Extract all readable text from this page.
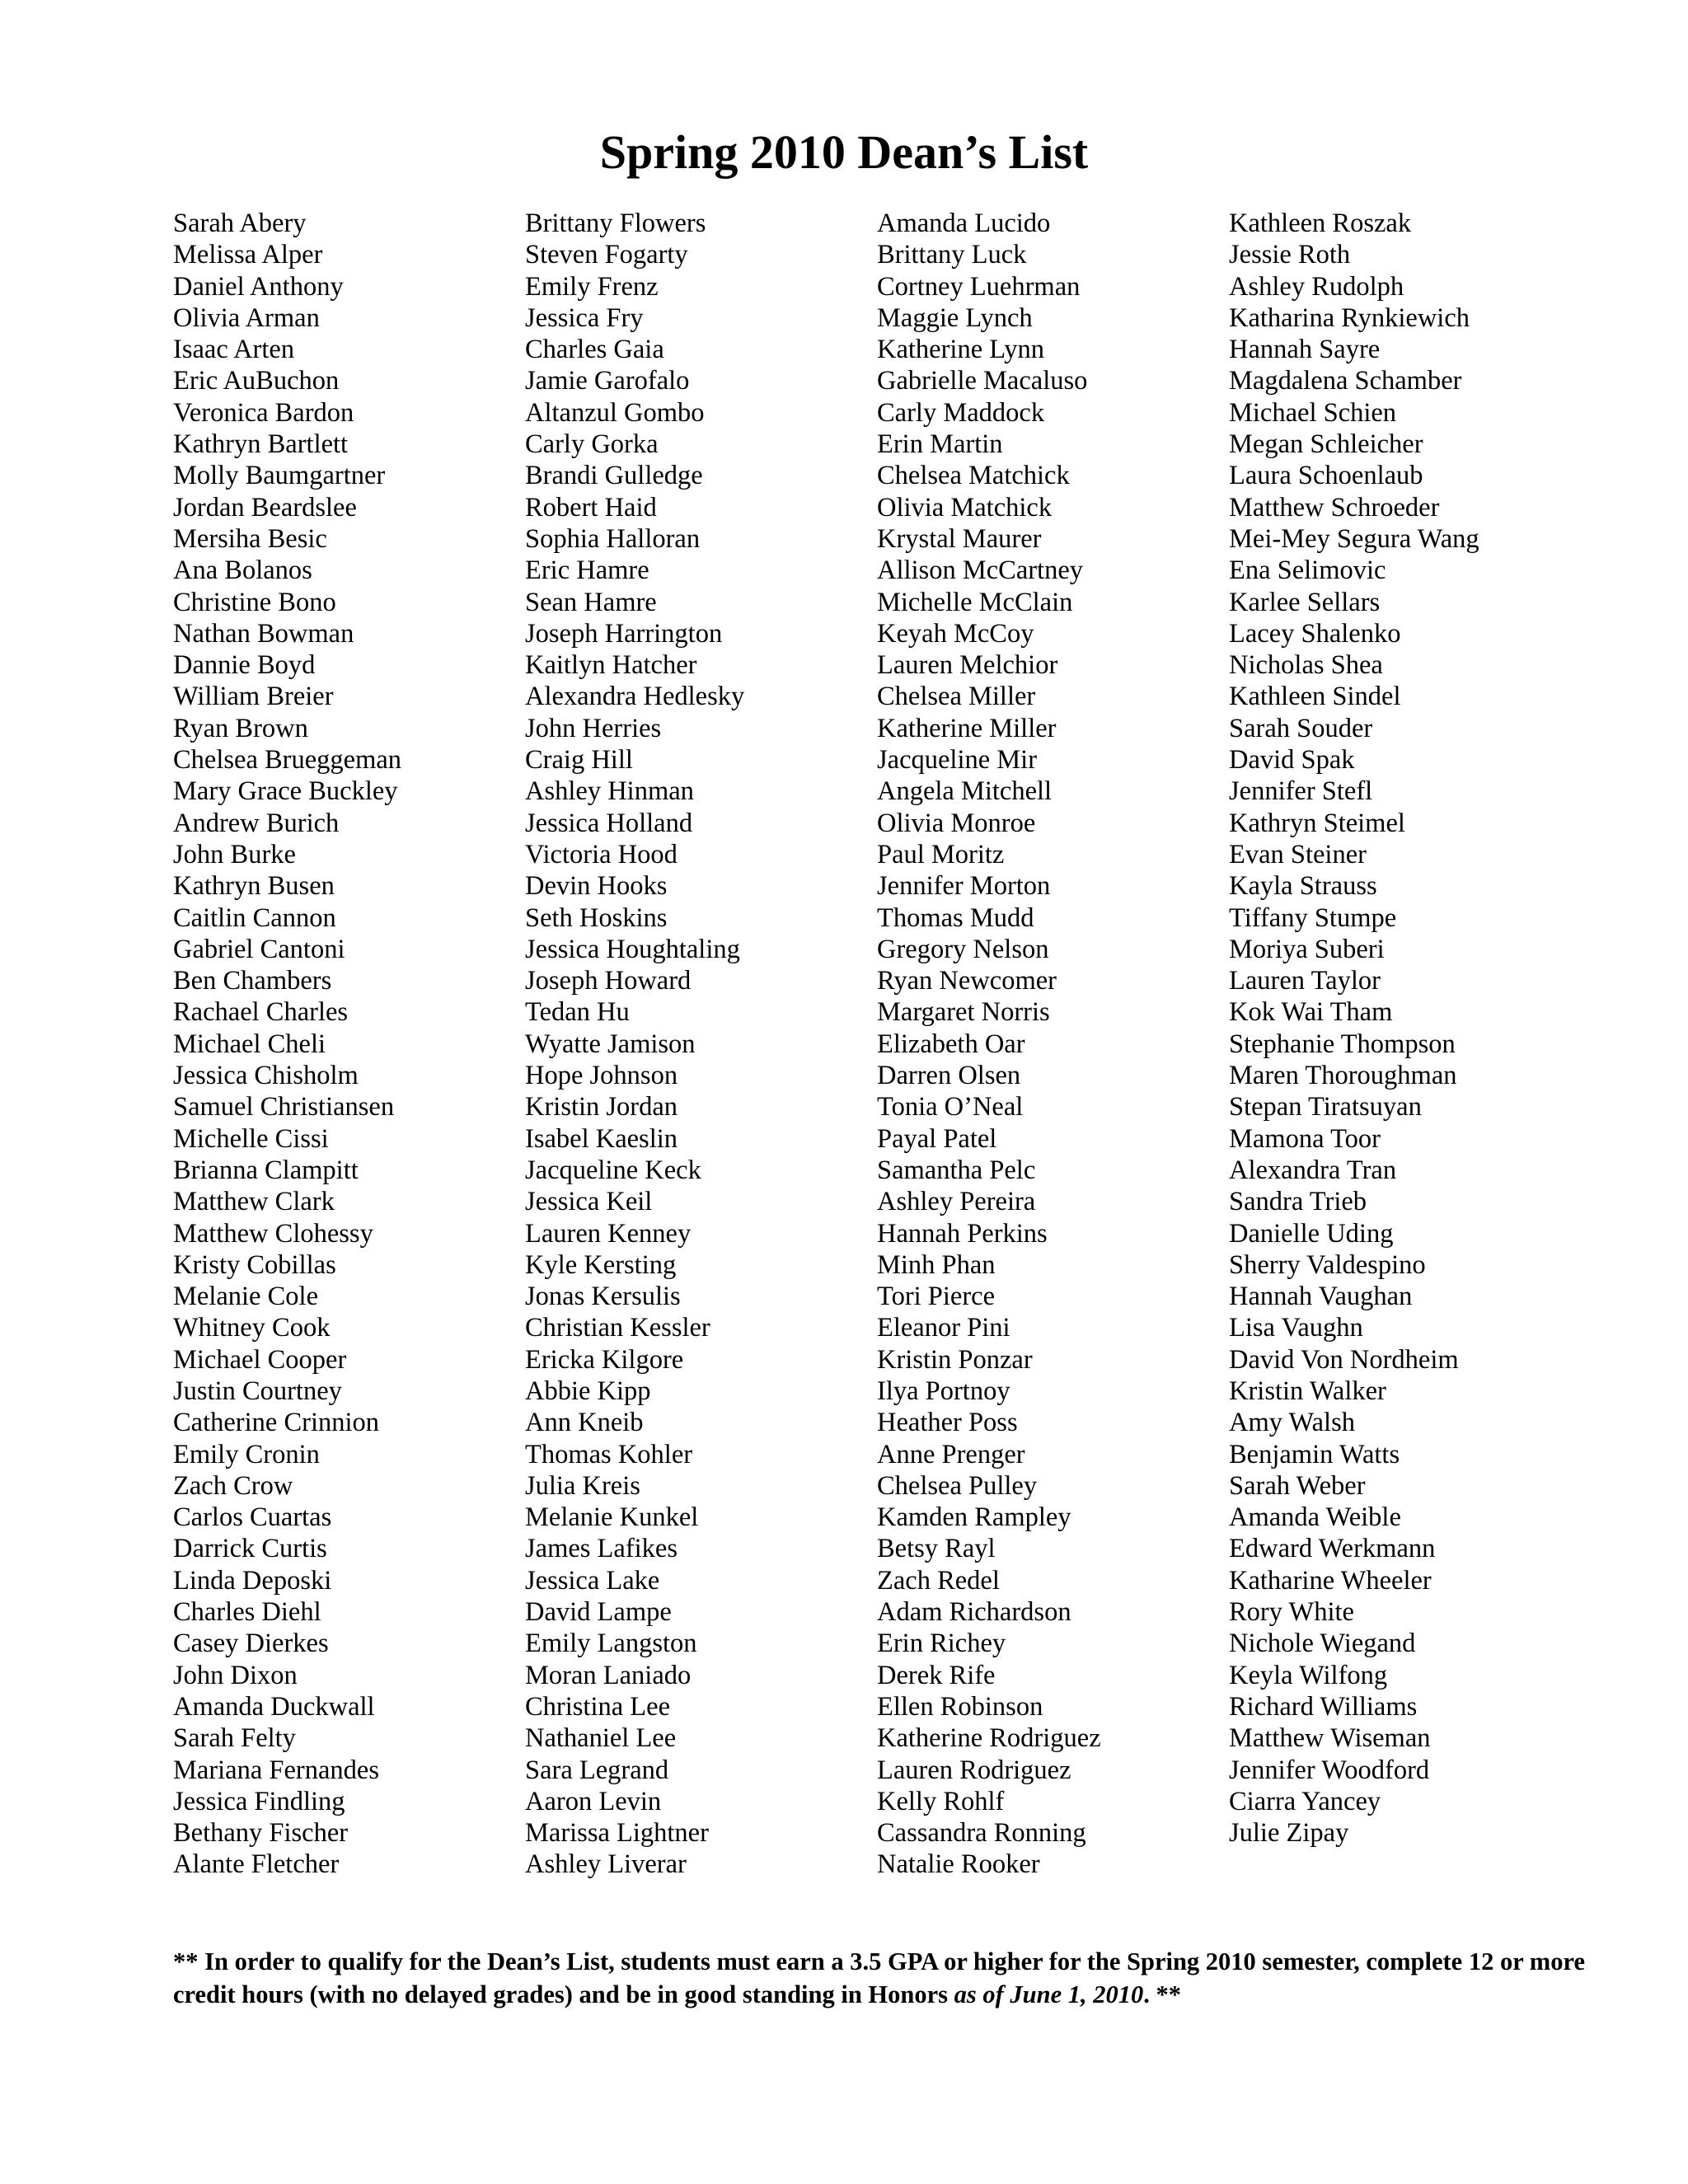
Spring 2010 Dean’s List
Sarah Abery
Melissa Alper
Daniel Anthony
Olivia Arman
Isaac Arten
Eric AuBuchon
Veronica Bardon
Kathryn Bartlett
Molly Baumgartner
Jordan Beardslee
Mersiha Besic
Ana Bolanos
Christine Bono
Nathan Bowman
Dannie Boyd
William Breier
Ryan Brown
Chelsea Brueggeman
Mary Grace Buckley
Andrew Burich
John Burke
Kathryn Busen
Caitlin Cannon
Gabriel Cantoni
Ben Chambers
Rachael Charles
Michael Cheli
Jessica Chisholm
Samuel Christiansen
Michelle Cissi
Brianna Clampitt
Matthew Clark
Matthew Clohessy
Kristy Cobillas
Melanie Cole
Whitney Cook
Michael Cooper
Justin Courtney
Catherine Crinnion
Emily Cronin
Zach Crow
Carlos Cuartas
Darrick Curtis
Linda Deposki
Charles Diehl
Casey Dierkes
John Dixon
Amanda Duckwall
Sarah Felty
Mariana Fernandes
Jessica Findling
Bethany Fischer
Alante Fletcher
Brittany Flowers
Steven Fogarty
Emily Frenz
Jessica Fry
Charles Gaia
Jamie Garofalo
Altanzul Gombo
Carly Gorka
Brandi Gulledge
Robert Haid
Sophia Halloran
Eric Hamre
Sean Hamre
Joseph Harrington
Kaitlyn Hatcher
Alexandra Hedlesky
John Herries
Craig Hill
Ashley Hinman
Jessica Holland
Victoria Hood
Devin Hooks
Seth Hoskins
Jessica Houghtaling
Joseph Howard
Tedan Hu
Wyatte Jamison
Hope Johnson
Kristin Jordan
Isabel Kaeslin
Jacqueline Keck
Jessica Keil
Lauren Kenney
Kyle Kersting
Jonas Kersulis
Christian Kessler
Ericka Kilgore
Abbie Kipp
Ann Kneib
Thomas Kohler
Julia Kreis
Melanie Kunkel
James Lafikes
Jessica Lake
David Lampe
Emily Langston
Moran Laniado
Christina Lee
Nathaniel Lee
Sara Legrand
Aaron Levin
Marissa Lightner
Ashley Liverar
Amanda Lucido
Brittany Luck
Cortney Luehrman
Maggie Lynch
Katherine Lynn
Gabrielle Macaluso
Carly Maddock
Erin Martin
Chelsea Matchick
Olivia Matchick
Krystal Maurer
Allison McCartney
Michelle McClain
Keyah McCoy
Lauren Melchior
Chelsea Miller
Katherine Miller
Jacqueline Mir
Angela Mitchell
Olivia Monroe
Paul Moritz
Jennifer Morton
Thomas Mudd
Gregory Nelson
Ryan Newcomer
Margaret Norris
Elizabeth Oar
Darren Olsen
Tonia O’Neal
Payal Patel
Samantha Pelc
Ashley Pereira
Hannah Perkins
Minh Phan
Tori Pierce
Eleanor Pini
Kristin Ponzar
Ilya Portnoy
Heather Poss
Anne Prenger
Chelsea Pulley
Kamden Rampley
Betsy Rayl
Zach Redel
Adam Richardson
Erin Richey
Derek Rife
Ellen Robinson
Katherine Rodriguez
Lauren Rodriguez
Kelly Rohlf
Cassandra Ronning
Natalie Rooker
Kathleen Roszak
Jessie Roth
Ashley Rudolph
Katharina Rynkiewich
Hannah Sayre
Magdalena Schamber
Michael Schien
Megan Schleicher
Laura Schoenlaub
Matthew Schroeder
Mei-Mey Segura Wang
Ena Selimovic
Karlee Sellars
Lacey Shalenko
Nicholas Shea
Kathleen Sindel
Sarah Souder
David Spak
Jennifer Stefl
Kathryn Steimel
Evan Steiner
Kayla Strauss
Tiffany Stumpe
Moriya Suberi
Lauren Taylor
Kok Wai Tham
Stephanie Thompson
Maren Thoroughman
Stepan Tiratsuyan
Mamona Toor
Alexandra Tran
Sandra Trieb
Danielle Uding
Sherry Valdespino
Hannah Vaughan
Lisa Vaughn
David Von Nordheim
Kristin Walker
Amy Walsh
Benjamin Watts
Sarah Weber
Amanda Weible
Edward Werkmann
Katharine Wheeler
Rory White
Nichole Wiegand
Keyla Wilfong
Richard Williams
Matthew Wiseman
Jennifer Woodford
Ciarra Yancey
Julie Zipay

** In order to qualify for the Dean’s List, students must earn a 3.5 GPA or higher for the Spring 2010 semester, complete 12 or more credit hours (with no delayed grades) and be in good standing in Honors as of June 1, 2010. **
